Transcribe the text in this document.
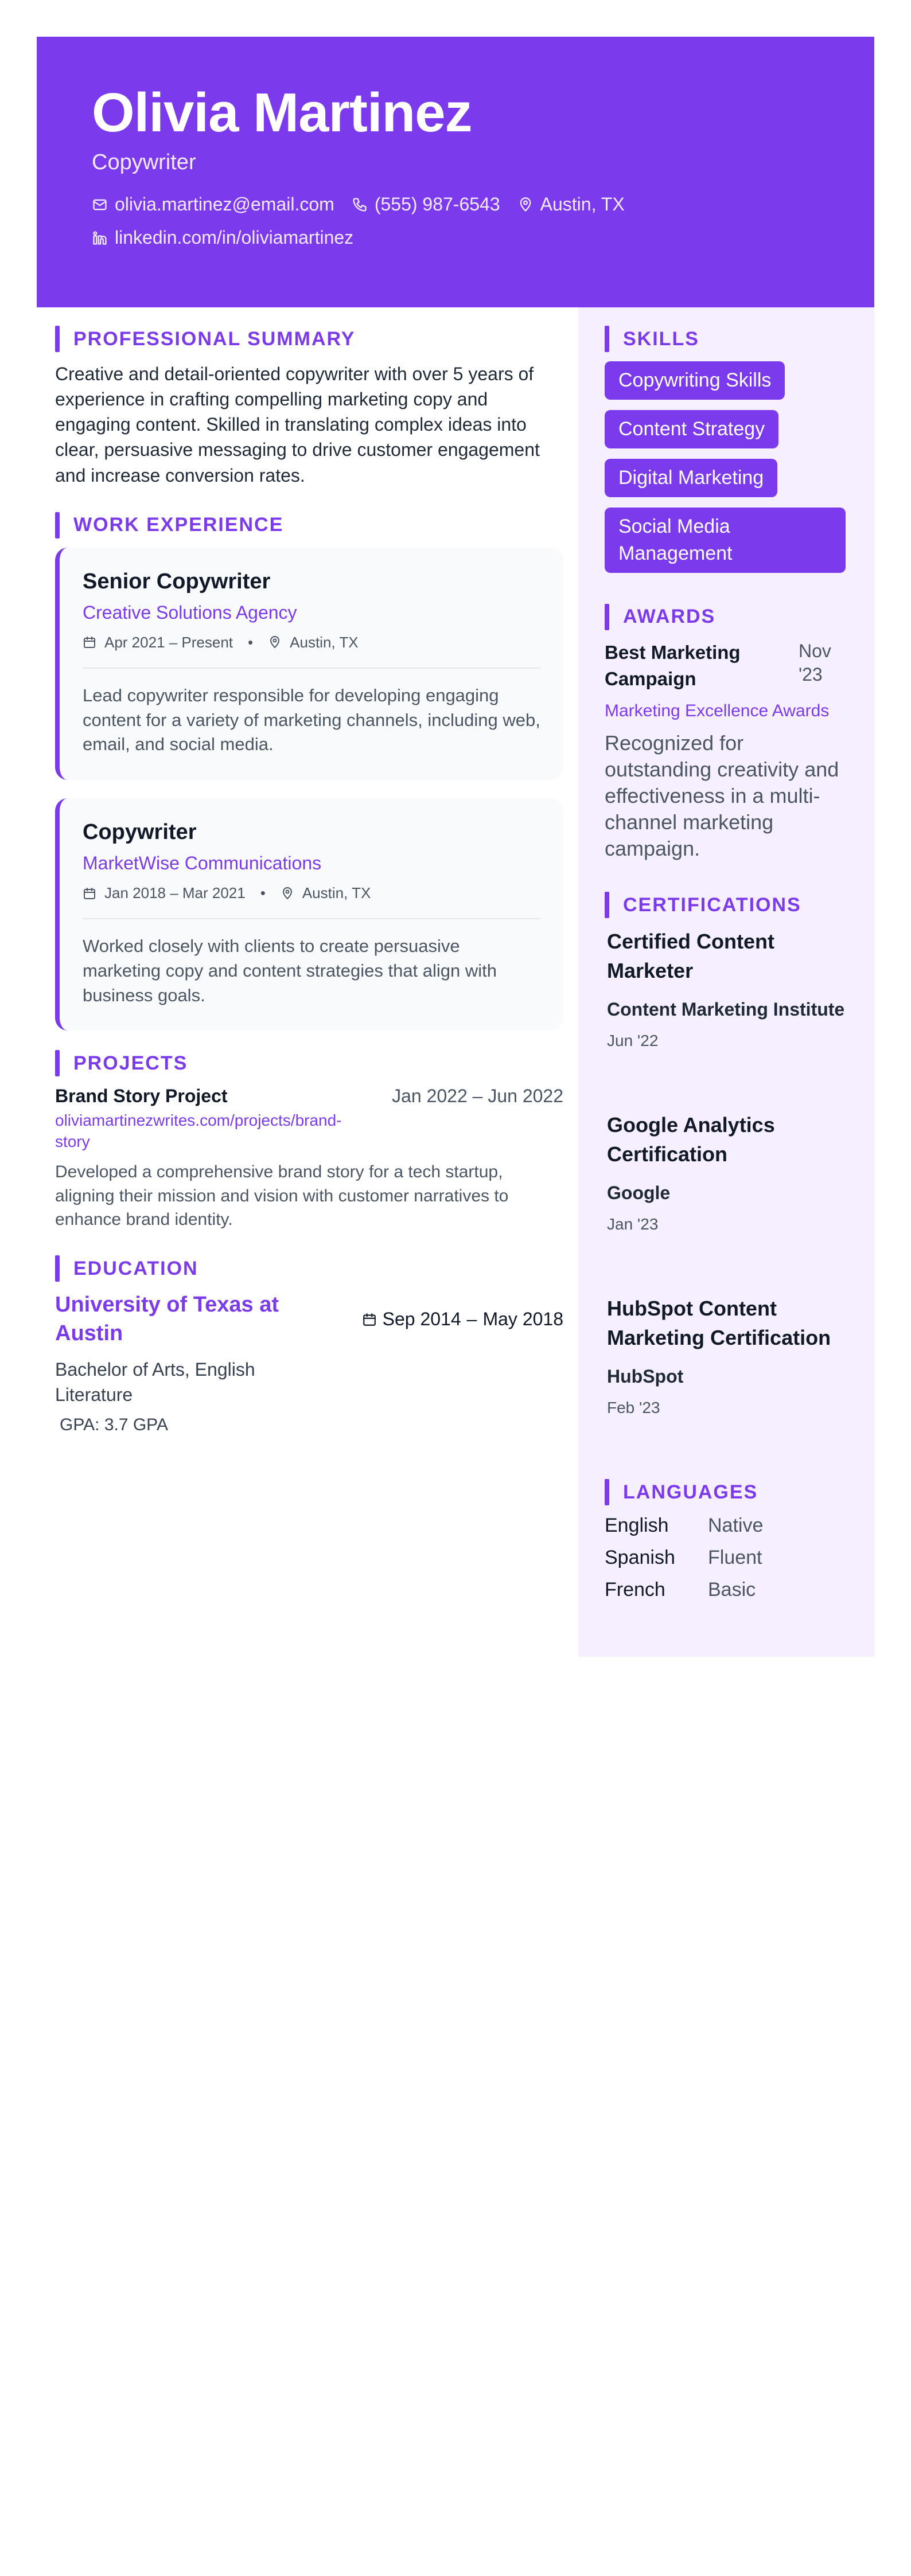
Olivia Martinez
Copywriter
olivia.martinez@email.com (555) 987-6543 Austin, TX
linkedin.com/in/oliviamartinez
PROFESSIONAL SUMMARY

Creative and detail-oriented copywriter with over 5 years of experience in crafting compelling marketing copy and engaging content. Skilled in translating complex ideas into clear, persuasive messaging to drive customer engagement and increase conversion rates.

WORK EXPERIENCE
Senior Copywriter
Creative Solutions Agency
Apr 2021 – Present • Austin, TX
Lead copywriter responsible for developing engaging content for a variety of marketing channels, including web, email, and social media.
Copywriter
MarketWise Communications
Jan 2018 – Mar 2021 • Austin, TX
Worked closely with clients to create persuasive marketing copy and content strategies that align with business goals.
PROJECTS
Brand Story Project	Jan 2022 – Jun 2022
oliviamartinezwrites.com/projects/brand-story
Developed a comprehensive brand story for a tech startup, aligning their mission and vision with customer narratives to enhance brand identity.
EDUCATION
University of Texas at Austin
Sep 2014 – May 2018
Bachelor of Arts, English Literature
GPA: 3.7 GPA
SKILLS
Copywriting Skills
Content Strategy
Digital Marketing
Social Media Management
AWARDS
Best Marketing Campaign
Nov '23
Marketing Excellence Awards
Recognized for outstanding creativity and effectiveness in a multi-channel marketing campaign.
CERTIFICATIONS
Certified Content Marketer
Content Marketing Institute
Jun '22
Google Analytics Certification
Google
Jan '23
HubSpot Content Marketing Certification
HubSpot
Feb '23
LANGUAGES
English	Native
Spanish	Fluent
French	Basic
